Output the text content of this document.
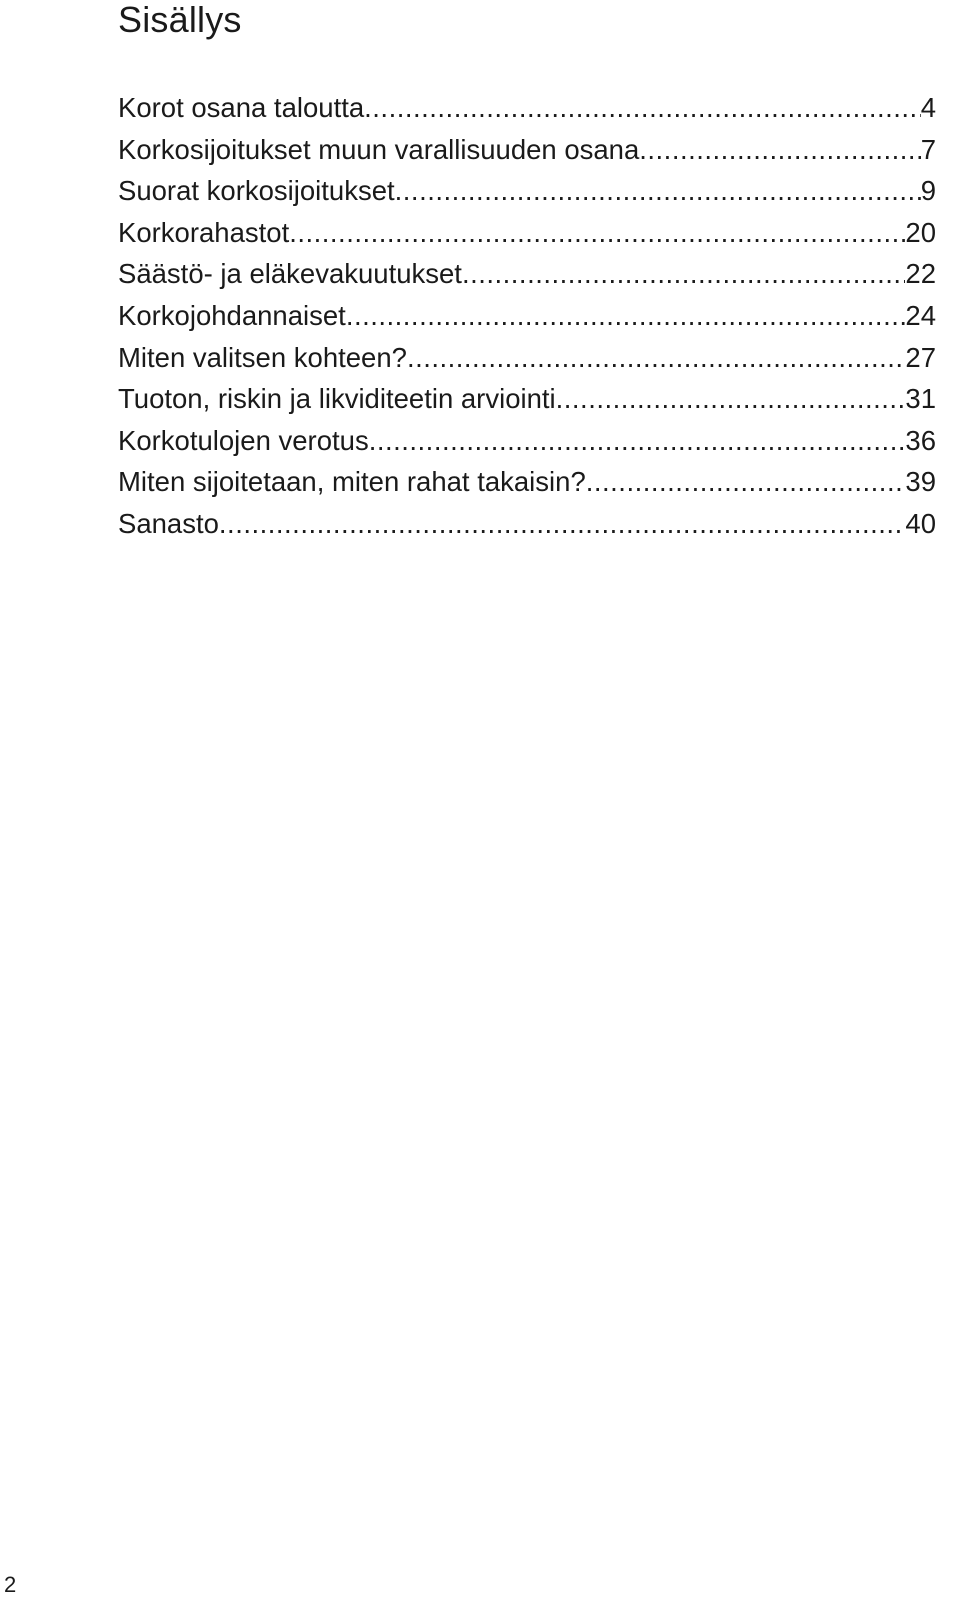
Sisällys
Korot osana taloutta .....	4
Korkosijoitukset muun varallisuuden osana .....	7
Suorat korkosijoitukset .....	9
Korkorahastot .....	20
Säästö- ja eläkevakuutukset .....	22
Korkojohdannaiset .....	24
Miten valitsen kohteen? .....	27
Tuoton, riskin ja likviditeetin arviointi .....	31
Korkotulojen verotus .....	36
Miten sijoitetaan, miten rahat takaisin? .....	39
Sanasto .....	40
2
